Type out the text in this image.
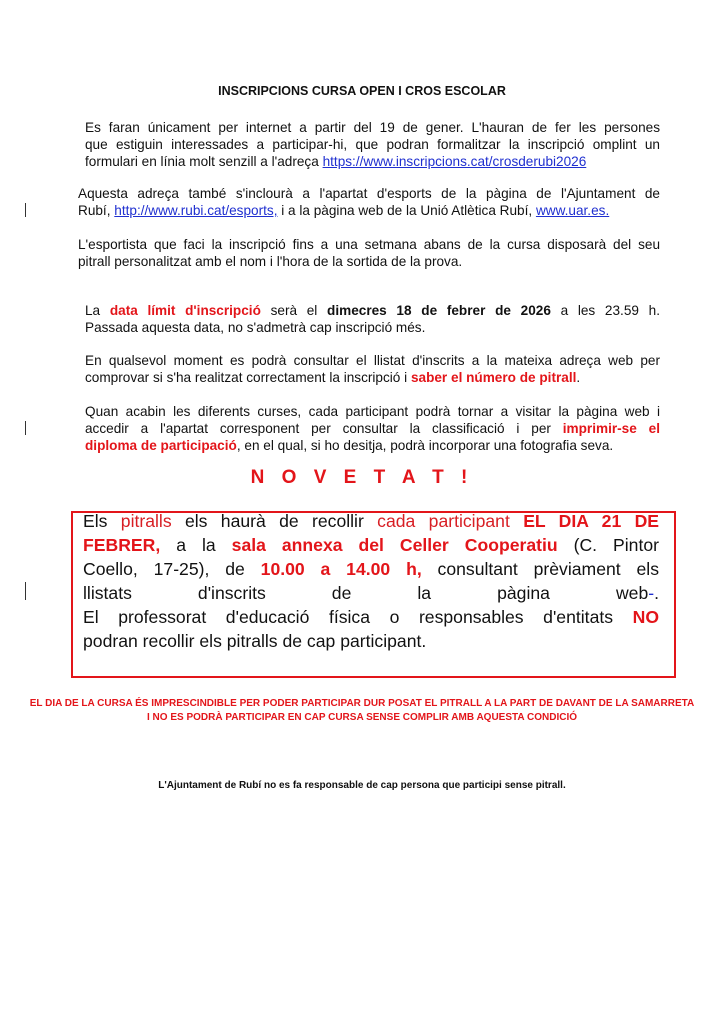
INSCRIPCIONS CURSA OPEN I CROS ESCOLAR
Es faran únicament per internet a partir del 19 de gener. L'hauran de fer les persones
que estiguin interessades a participar-hi, que podran formalitzar la inscripció omplint un
formulari en línia molt senzill a l'adreça https://www.inscripcions.cat/crosderubi2026
Aquesta adreça també s'inclourà a l'apartat d'esports de la pàgina de l'Ajuntament de
Rubí, http://www.rubi.cat/esports, i a la pàgina web de la Unió Atlètica Rubí, www.uar.es.
L'esportista que faci la inscripció fins a una setmana abans de la cursa disposarà del seu
pitrall personalitzat amb el nom i l'hora de la sortida de la prova.
La data límit d'inscripció serà el dimecres 18 de febrer de 2026 a les 23.59 h.
Passada aquesta data, no s'admetrà cap inscripció més.
En qualsevol moment es podrà consultar el llistat d'inscrits a la mateixa adreça web per
comprovar si s'ha realitzat correctament la inscripció i saber el número de pitrall.
Quan acabin les diferents curses, cada participant podrà tornar a visitar la pàgina web i
accedir a l'apartat corresponent per consultar la classificació i per imprimir-se el
diploma de participació, en el qual, si ho desitja, podrà incorporar una fotografia seva.
N O V E T A T !
Els pitralls els haurà de recollir cada participant EL DIA 21 DE
FEBRER, a la sala annexa del Celler Cooperatiu (C. Pintor
Coello, 17-25), de 10.00 a 14.00 h, consultant prèviament els
llistats d'inscrits de la pàgina web-.
El professorat d'educació física o responsables d'entitats NO
podran recollir els pitralls de cap participant.
EL DIA DE LA CURSA ÉS IMPRESCINDIBLE PER PODER PARTICIPAR DUR POSAT EL PITRALL A LA PART DE DAVANT DE LA SAMARRETA I NO ES PODRÀ PARTICIPAR EN CAP CURSA SENSE COMPLIR AMB AQUESTA CONDICIÓ
L'Ajuntament de Rubí no es fa responsable de cap persona que participi sense pitrall.
